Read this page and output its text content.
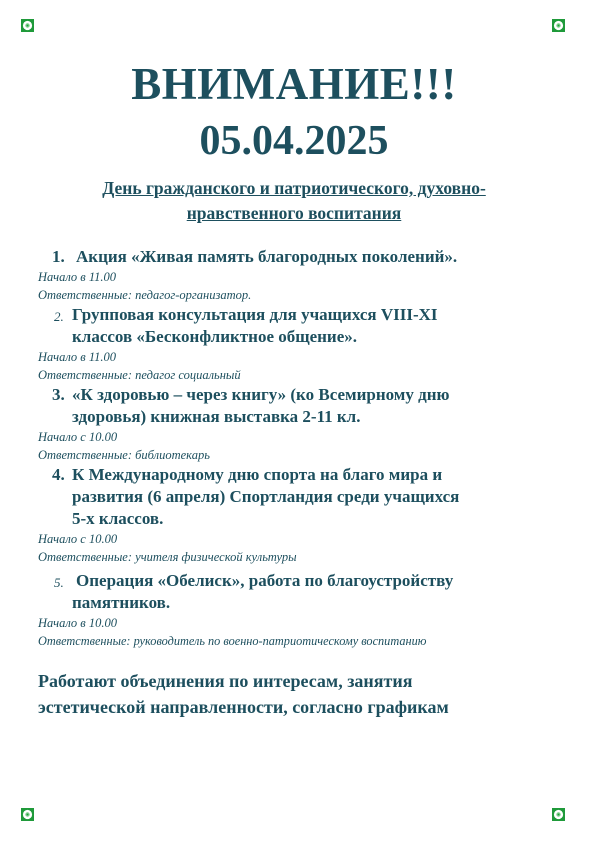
ВНИМАНИЕ!!!
05.04.2025
День гражданского и патриотического, духовно-
нравственного воспитания
1. Акция «Живая память благородных поколений».
Начало в 11.00
Ответственные: педагог-организатор.
2. Групповая консультация для учащихся VIII-XI
классов «Бесконфликтное общение».
Начало в 11.00
Ответственные: педагог социальный
3. «К здоровью – через книгу» (ко Всемирному дню
здоровья) книжная выставка 2-11 кл.
Начало с 10.00
Ответственные: библиотекарь
4. К Международному дню спорта на благо мира и
развития (6 апреля) Спортландия среди учащихся
5-х классов.
Начало с 10.00
Ответственные: учителя физической культуры
5. Операция «Обелиск», работа по благоустройству
памятников.
Начало в 10.00
Ответственные: руководитель по военно-патриотическому воспитанию
Работают объединения по интересам, занятия
эстетической направленности, согласно графикам
